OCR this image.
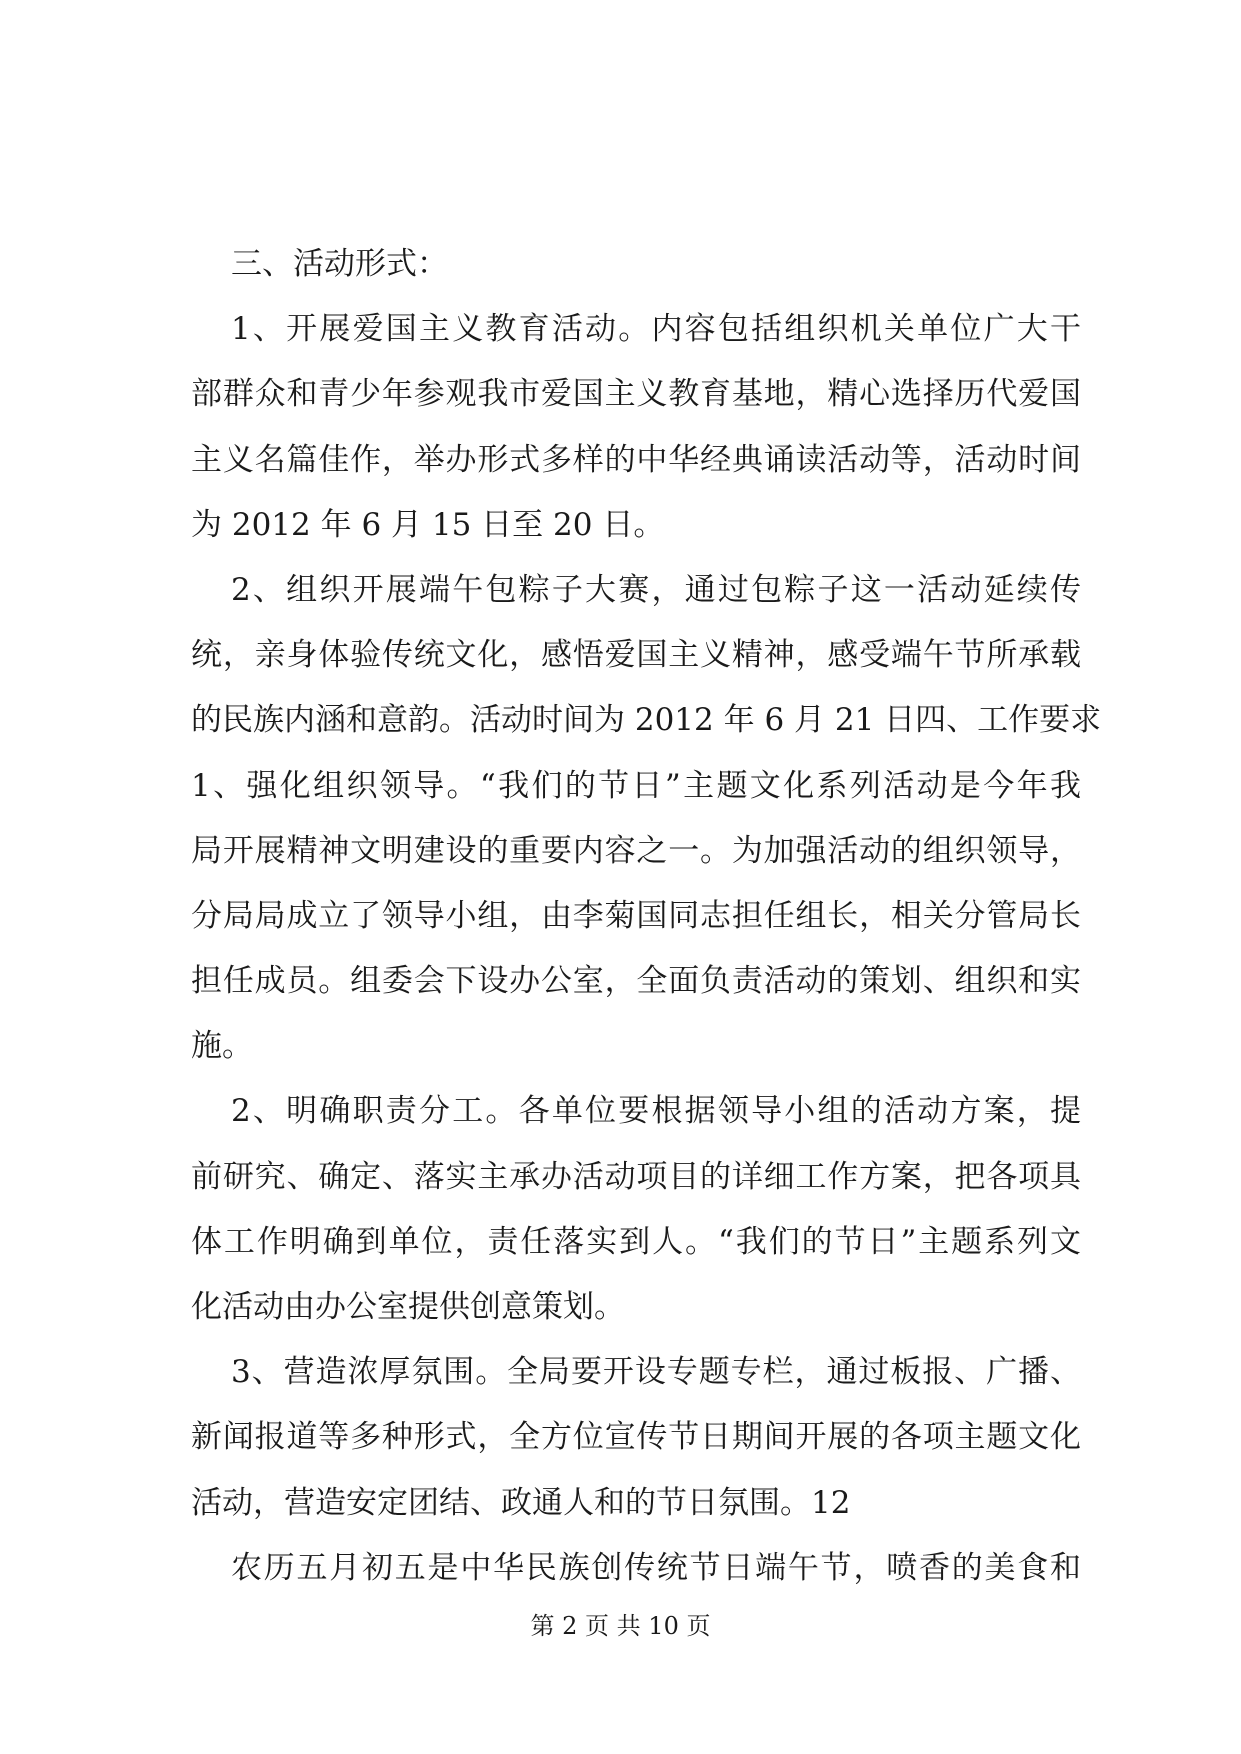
三、活动形式：
1、开展爱国主义教育活动。内容包括组织机关单位广大干
部群众和青少年参观我市爱国主义教育基地，精心选择历代爱国
主义名篇佳作，举办形式多样的中华经典诵读活动等，活动时间
为 2012 年 6 月 15 日至 20 日。
2、组织开展端午包粽子大赛，通过包粽子这一活动延续传
统，亲身体验传统文化，感悟爱国主义精神，感受端午节所承载
的民族内涵和意韵。活动时间为 2012 年 6 月 21 日四、工作要求
1、强化组织领导。“我们的节日”主题文化系列活动是今年我
局开展精神文明建设的重要内容之一。为加强活动的组织领导，
分局局成立了领导小组，由李菊国同志担任组长，相关分管局长
担任成员。组委会下设办公室，全面负责活动的策划、组织和实
施。
2、明确职责分工。各单位要根据领导小组的活动方案，提
前研究、确定、落实主承办活动项目的详细工作方案，把各项具
体工作明确到单位，责任落实到人。“我们的节日”主题系列文
化活动由办公室提供创意策划。
3、营造浓厚氛围。全局要开设专题专栏，通过板报、广播、
新闻报道等多种形式，全方位宣传节日期间开展的各项主题文化
活动，营造安定团结、政通人和的节日氛围。12
农历五月初五是中华民族创传统节日端午节，喷香的美食和
第 2 页 共 10 页
